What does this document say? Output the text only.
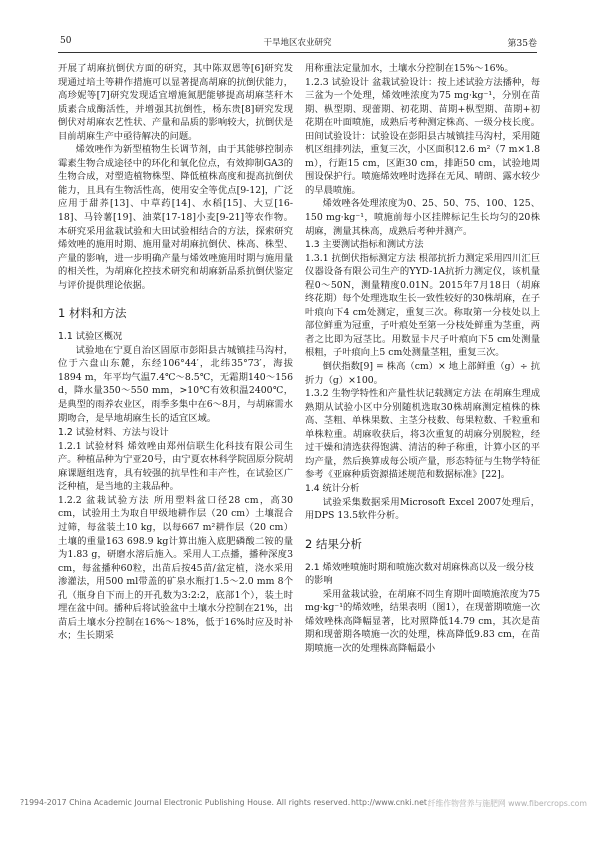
50	干旱地区农业研究	第35卷

开展了胡麻抗倒伏方面的研究，其中陈双恩等[6]研究发现通过培土等耕作措施可以显著提高胡麻的抗倒伏能力，高珍妮等[7]研究发现适宜增施氮肥能够提高胡麻茎秆木质素合成酶活性，并增强其抗倒性，杨东贵[8]研究发现倒伏对胡麻农艺性状、产量和品质的影响较大，抗倒伏是目前胡麻生产中亟待解决的问题。

烯效唑作为新型植物生长调节剂，由于其能够控制赤霉素生物合成途径中的环化和氧化位点，有效抑制GA3的生物合成，对塑造植物株型、降低植株高度和提高抗倒伏能力，且具有生物活性高，使用安全等优点[9-12]，广泛应用于甜荞[13]、中草药[14]、水稻[15]、大豆[16-18]、马铃薯[19]、油菜[17-18]小麦[9-21]等农作物。本研究采用盆栽试验和大田试验相结合的方法，探索研究烯效唑的施用时期、施用量对胡麻抗倒伏、株高、株型、产量的影响，进一步明确产量与烯效唑施用时期与施用量的相关性，为胡麻化控技术研究和胡麻新品系抗倒伏鉴定与评价提供理论依据。

1 材料和方法
1.1 试验区概况

试验地在宁夏自治区固原市彭阳县古城镇挂马沟村，位于六盘山东麓，东经106°44′，北纬35°73′，海拔1894 m，年平均气温7.4℃～8.5℃，无霜期140～156 d，降水量350～550 mm，>10℃有效积温2400℃，是典型的雨养农业区，雨季多集中在6～8月，与胡麻需水期吻合，是旱地胡麻生长的适宜区域。

1.2 试验材料、方法与设计

1.2.1 试验材料 烯效唑由郑州信联生化科技有限公司生产。种植品种为宁亚20号，由宁夏农林科学院固原分院胡麻课题组选育，具有较强的抗旱性和丰产性，在试验区广泛种植，是当地的主栽品种。

1.2.2 盆栽试验方法 所用塑料盆口径28 cm，高30 cm，试验用土为取自甲级地耕作层（20 cm）土壤混合过筛，每盆装土10 kg，以每667 m²耕作层（20 cm）土壤的重量163 698.9 kg计算出施入底肥磷酸二铵的量为1.83 g，研磨水溶后施入。采用人工点播，播种深度3 cm，每盆播种60粒，出苗后按45苗/盆定植，浇水采用渗灌法，用500 ml带盖的矿泉水瓶打1.5～2.0 mm 8个孔（瓶身自下而上的开孔数为3:2:2，底部1个），装土时埋在盆中间。播种后将试验盆中土壤水分控制在21%，出苗后土壤水分控制在16%～18%，低于16%时应及时补水；生长期采

用称重法定量加水，土壤水分控制在15%～16%。

1.2.3 试验设计 盆栽试验设计：按上述试验方法播种，每三盆为一个处理，烯效唑浓度为75 mg·kg⁻¹，分别在苗期、枞型期、现蕾期、初花期、苗期+枞型期、苗期+初花期在叶面喷施，成熟后考种测定株高、一级分枝长度。田间试验设计：试验设在彭阳县古城镇挂马沟村，采用随机区组排列法，重复三次，小区面积12.6 m²（7 m×1.8 m），行距15 cm，区距30 cm，排距50 cm，试验地周围设保护行。喷施烯效唑时选择在无风、晴朗、露水较少的早晨喷施。

烯效唑各处理浓度为0、25、50、75、100、125、150 mg·kg⁻¹，喷施前每小区挂牌标记生长均匀的20株胡麻，测量其株高，成熟后考种并测产。

1.3 主要测试指标和测试方法

1.3.1 抗倒伏指标测定方法 根部抗折力测定采用四川汇巨仪器设备有限公司生产的YYD-1A抗折力测定仪，该机量程0～50N，测量精度0.01N。2015年7月18日（胡麻终花期）每个处理选取生长一致性较好的30株胡麻，在子叶痕向下4 cm处测定，重复三次。称取第一分枝处以上部位鲜重为冠重，子叶痕处至第一分枝处鲜重为茎重，两者之比即为冠茎比。用数显卡尺子叶痕向下5 cm处测量根粗，子叶痕向上5 cm处测量茎粗，重复三次。

倒伏指数[9] = 株高（cm）× 地上部鲜重（g）÷ 抗折力（g）×100。

1.3.2 生物学特性和产量性状记载测定方法 在胡麻生理成熟期从试验小区中分别随机选取30株胡麻测定植株的株高、茎粗、单株果数、主茎分枝数、每果粒数、千粒重和单株粒重。胡麻收获后，将3次重复的胡麻分别脱粒，经过干燥和清选获得饱满、清洁的种子称重，计算小区的平均产量，然后换算成每公顷产量，形态特征与生物学特征参考《亚麻种质资源描述规范和数据标准》[22]。

1.4 统计分析

试验采集数据采用Microsoft Excel 2007处理后，用DPS 13.5软件分析。

2 结果分析
2.1 烯效唑喷施时期和喷施次数对胡麻株高以及一级分枝的影响

采用盆栽试验，在胡麻不同生育期叶面喷施浓度为75 mg·kg⁻¹的烯效唑，结果表明（图1），在现蕾期喷施一次烯效唑株高降幅显著，比对照降低14.79 cm，其次是苗期和现蕾期各喷施一次的处理，株高降低9.83 cm，在苗期喷施一次的处理株高降幅最小

?1994-2017 China Academic Journal Electronic Publishing House. All rights reserved. http://www.cnki.net 纤维作物营养与施肥网 www.fibercrops.com
